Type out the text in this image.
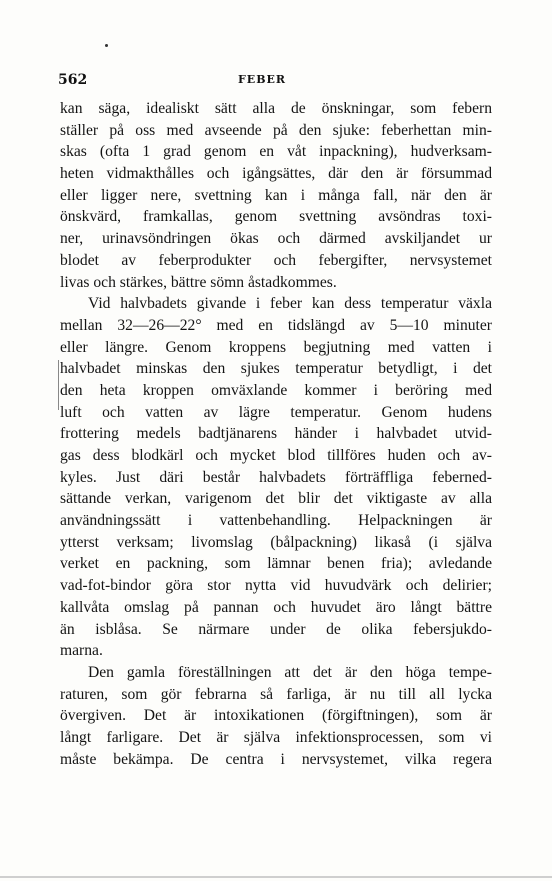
562	FEBER
kan säga, idealiskt sätt alla de önskningar, som febern
ställer på oss med avseende på den sjuke: feberhettan min-
skas (ofta 1 grad genom en våt inpackning), hudverksam-
heten vidmakthålles och igångsättes, där den är försummad
eller ligger nere, svettning kan i många fall, när den är
önskvärd, framkallas, genom svettning avsöndras toxi-
ner, urinavsöndringen ökas och därmed avskiljandet ur
blodet av feberprodukter och febergifter, nervsystemet
livas och stärkes, bättre sömn åstadkommes.
Vid halvbadets givande i feber kan dess temperatur växla
mellan 32—26—22° med en tidslängd av 5—10 minuter
eller längre. Genom kroppens begjutning med vatten i
halvbadet minskas den sjukes temperatur betydligt, i det
den heta kroppen omväxlande kommer i beröring med
luft och vatten av lägre temperatur. Genom hudens
frottering medels badtjänarens händer i halvbadet utvid-
gas dess blodkärl och mycket blod tillföres huden och av-
kyles. Just däri består halvbadets förträffliga feberned-
sättande verkan, varigenom det blir det viktigaste av alla
användningssätt i vattenbehandling. Helpackningen är
ytterst verksam; livomslag (bålpackning) likaså (i själva
verket en packning, som lämnar benen fria); avledande
vad-fot-bindor göra stor nytta vid huvudvärk och delirier;
kallvåta omslag på pannan och huvudet äro långt bättre
än isblåsa. Se närmare under de olika febersjukdo-
marna.
Den gamla föreställningen att det är den höga tempe-
raturen, som gör febrarna så farliga, är nu till all lycka
övergiven. Det är intoxikationen (förgiftningen), som är
långt farligare. Det är själva infektionsprocessen, som vi
måste bekämpa. De centra i nervsystemet, vilka regera
